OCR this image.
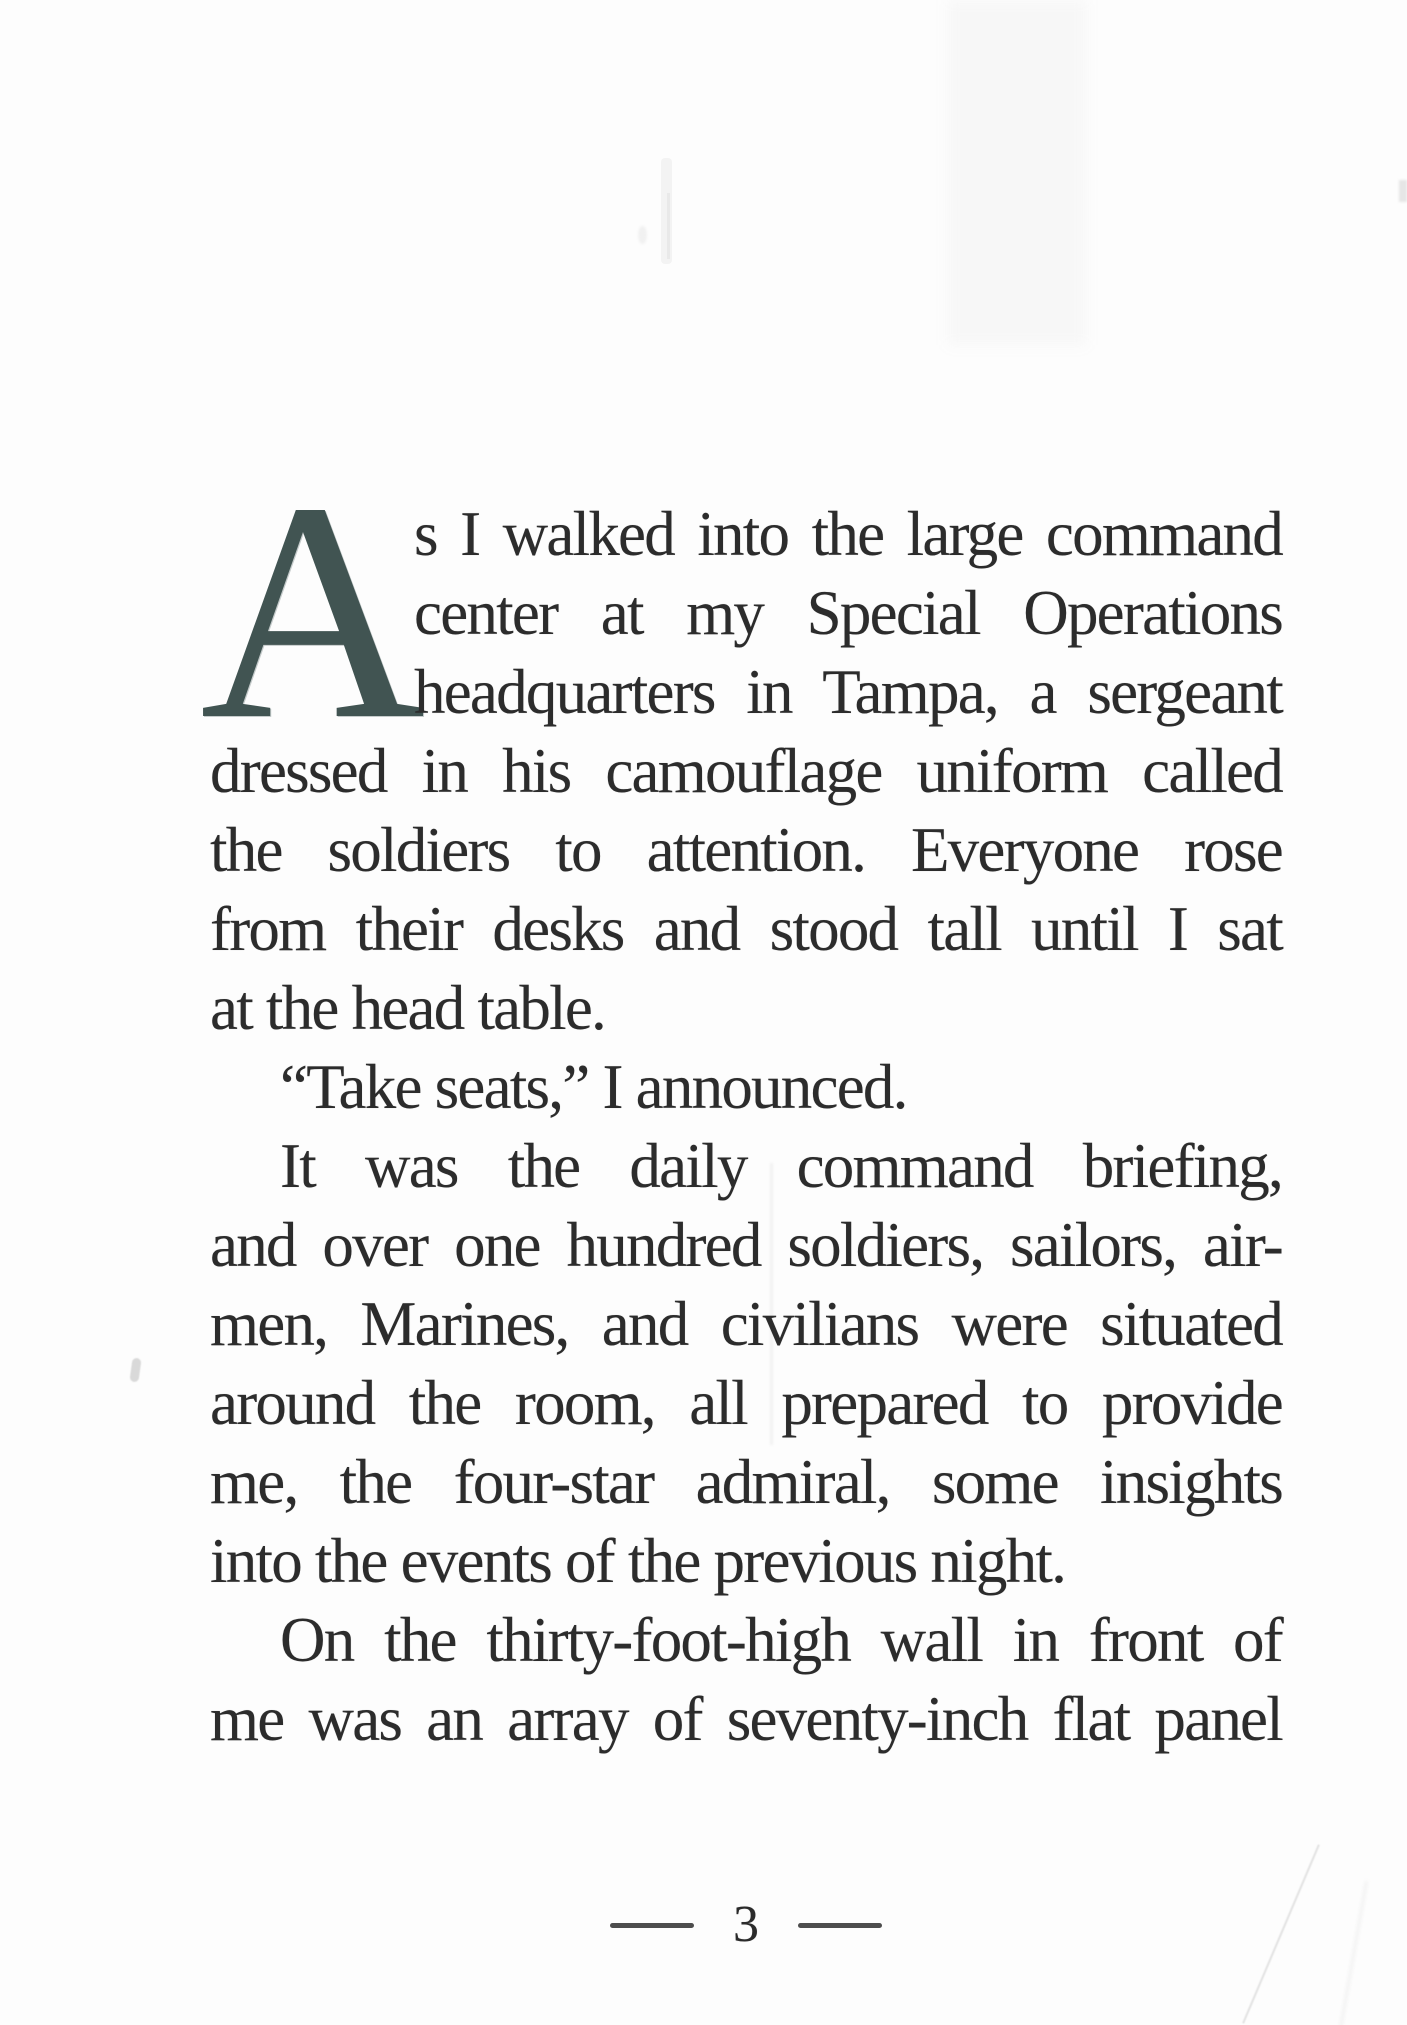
A
s I walked into the large command
center at my Special Operations
headquarters in Tampa, a sergeant
dressed in his camouflage uniform called
the soldiers to attention. Everyone rose
from their desks and stood tall until I sat
at the head table.
“Take seats,” I announced.
It was the daily command briefing,
and over one hundred soldiers, sailors, air-
men, Marines, and civilians were situated
around the room, all prepared to provide
me, the four-star admiral, some insights
into the events of the previous night.
On the thirty-foot-high wall in front of
me was an array of seventy-inch flat panel
3
